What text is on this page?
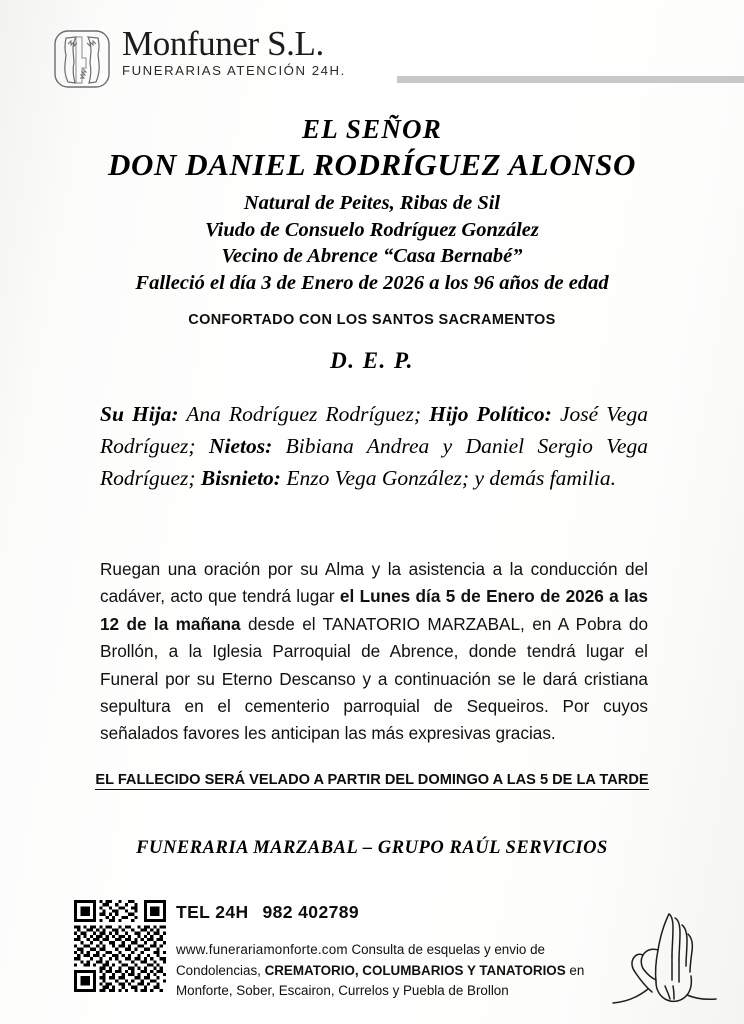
Monfuner S.L.
FUNERARIAS ATENCIÓN 24H.
EL SEÑOR
DON DANIEL RODRÍGUEZ ALONSO
Natural de Peites, Ribas de Sil
Viudo de Consuelo Rodríguez González
Vecino de Abrence “Casa Bernabé”
Falleció el día 3 de Enero de 2026 a los 96 años de edad
CONFORTADO CON LOS SANTOS SACRAMENTOS
D. E. P.
Su Hija: Ana Rodríguez Rodríguez; Hijo Político: José Vega Rodríguez; Nietos: Bibiana Andrea y Daniel Sergio Vega Rodríguez; Bisnieto: Enzo Vega González; y demás familia.
Ruegan una oración por su Alma y la asistencia a la conducción del cadáver, acto que tendrá lugar el Lunes día 5 de Enero de 2026 a las 12 de la mañana desde el TANATORIO MARZABAL, en A Pobra do Brollón, a la Iglesia Parroquial de Abrence, donde tendrá lugar el Funeral por su Eterno Descanso y a continuación se le dará cristiana sepultura en el cementerio parroquial de Sequeiros. Por cuyos señalados favores les anticipan las más expresivas gracias.
EL FALLECIDO SERÁ VELADO A PARTIR DEL DOMINGO A LAS 5 DE LA TARDE
FUNERARIA MARZABAL – GRUPO RAÚL SERVICIOS
TEL 24H 982 402789
www.funerariamonforte.com Consulta de esquelas y envio de Condolencias, CREMATORIO, COLUMBARIOS Y TANATORIOS en Monforte, Sober, Escairon, Currelos y Puebla de Brollon
